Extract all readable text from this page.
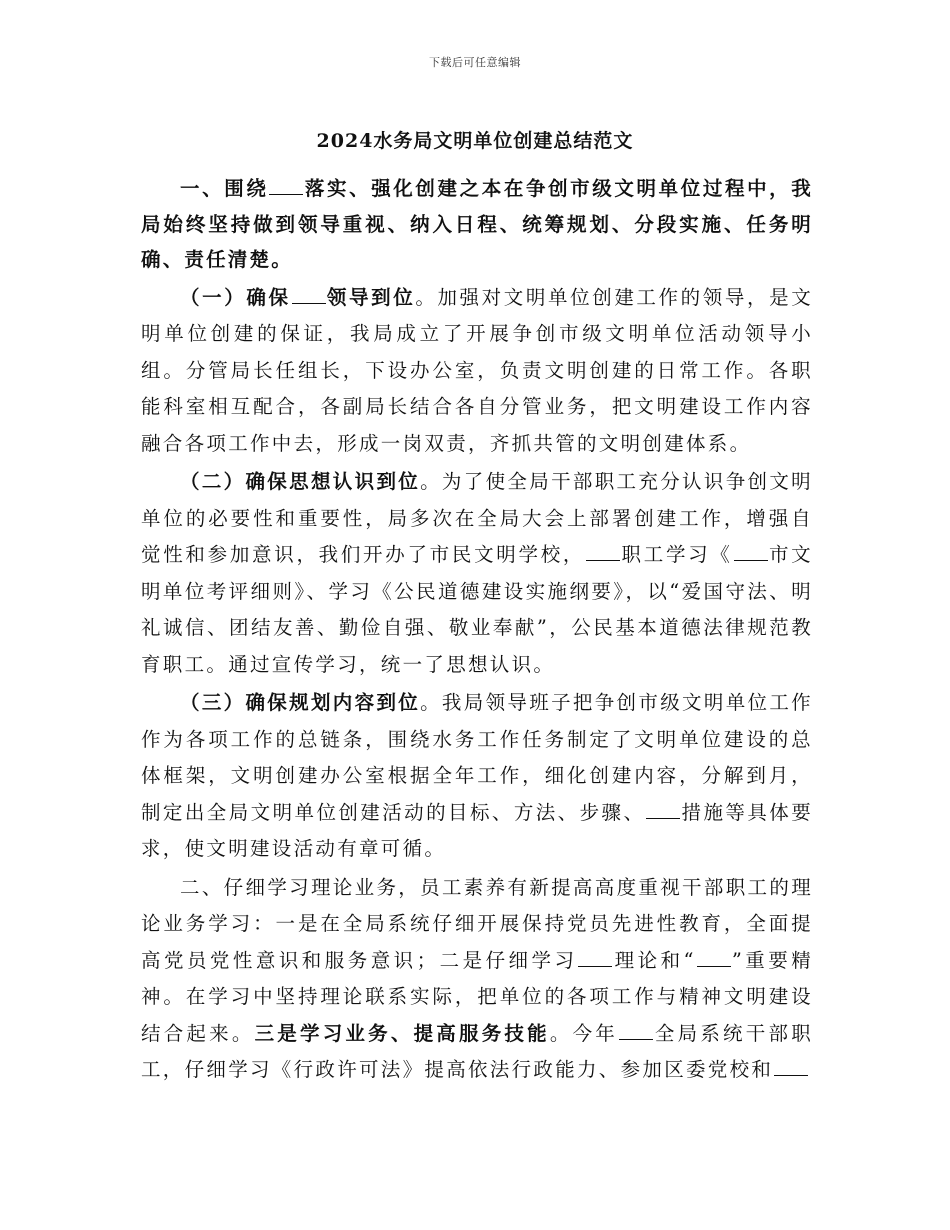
下载后可任意编辑
2024水务局文明单位创建总结范文

一、围绕 落实、强化创建之本在争创市级文明单位过程中，我局始终坚持做到领导重视、纳入日程、统筹规划、分段实施、任务明确、责任清楚。

（一）确保 领导到位。加强对文明单位创建工作的领导，是文明单位创建的保证，我局成立了开展争创市级文明单位活动领导小组。分管局长任组长，下设办公室，负责文明创建的日常工作。各职能科室相互配合，各副局长结合各自分管业务，把文明建设工作内容融合各项工作中去，形成一岗双责，齐抓共管的文明创建体系。

（二）确保思想认识到位。为了使全局干部职工充分认识争创文明单位的必要性和重要性，局多次在全局大会上部署创建工作，增强自觉性和参加意识，我们开办了市民文明学校， 职工学习《 市文明单位考评细则》、学习《公民道德建设实施纲要》，以“爱国守法、明礼诚信、团结友善、勤俭自强、敬业奉献”，公民基本道德法律规范教育职工。通过宣传学习，统一了思想认识。

（三）确保规划内容到位。我局领导班子把争创市级文明单位工作作为各项工作的总链条，围绕水务工作任务制定了文明单位建设的总体框架，文明创建办公室根据全年工作，细化创建内容，分解到月，制定出全局文明单位创建活动的目标、方法、步骤、 措施等具体要求，使文明建设活动有章可循。

二、仔细学习理论业务，员工素养有新提高高度重视干部职工的理论业务学习：一是在全局系统仔细开展保持党员先进性教育，全面提高党员党性意识和服务意识；二是仔细学习 理论和“ ”重要精神。在学习中坚持理论联系实际，把单位的各项工作与精神文明建设结合起来。三是学习业务、提高服务技能。今年 全局系统干部职工，仔细学习《行政许可法》提高依法行政能力、参加区委党校和
